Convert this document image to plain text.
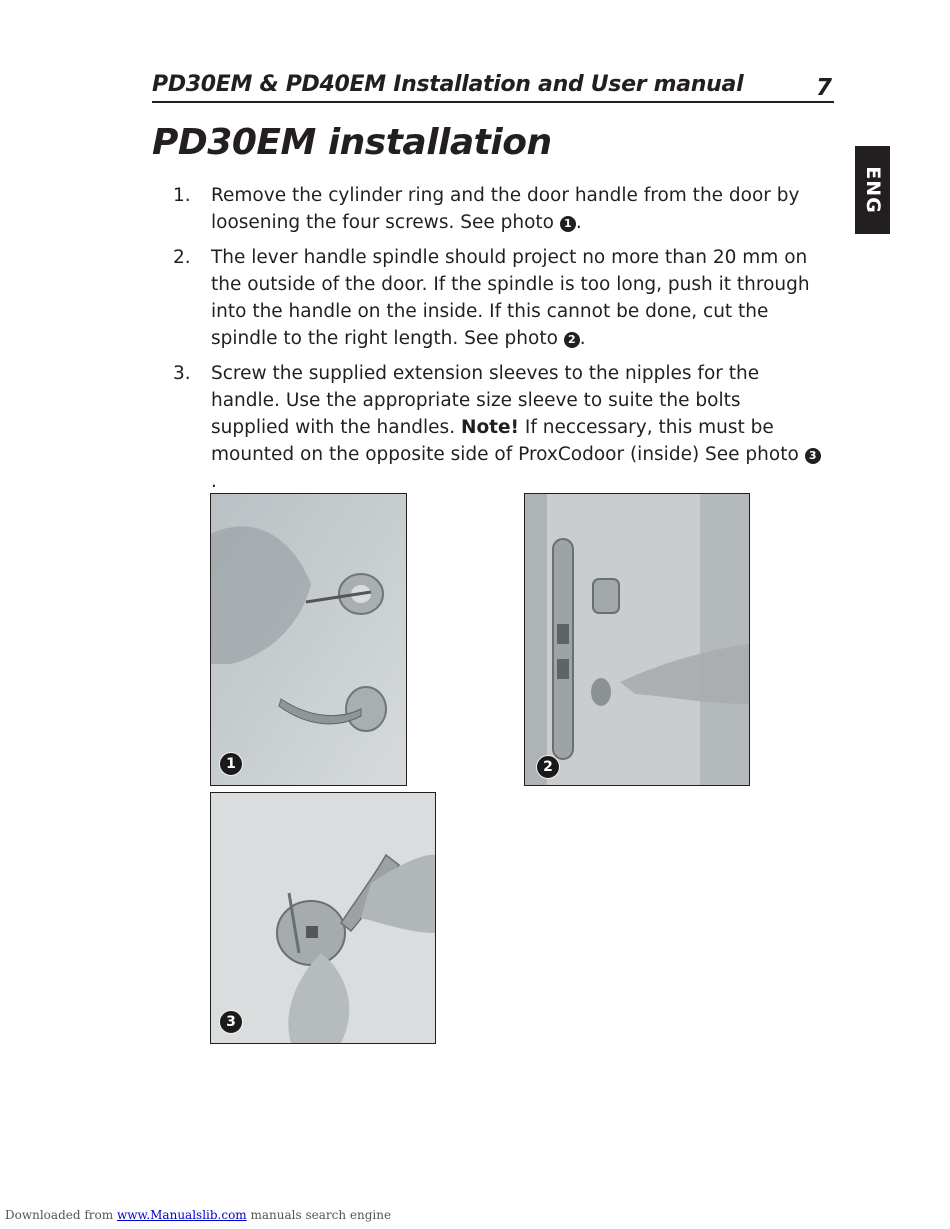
PD30EM & PD40EM Installation and User manual	7
ENG
PD30EM installation
1. Remove the cylinder ring and the door handle from the door by loosening the four screws. See photo 1 .
2. The lever handle spindle should project no more than 20 mm on the outside of the door. If the spindle is too long, push it through into the handle on the inside. If this cannot be done, cut the spindle to the right length. See photo 2 .
3. Screw the supplied extension sleeves to the nipples for the handle. Use the appropriate size sleeve to suite the bolts supplied with the handles. Note! If neccessary, this must be mounted on the opposite side of ProxCodoor (inside) See photo 3.
1	2
3
Downloaded from www.Manualslib.com manuals search engine
